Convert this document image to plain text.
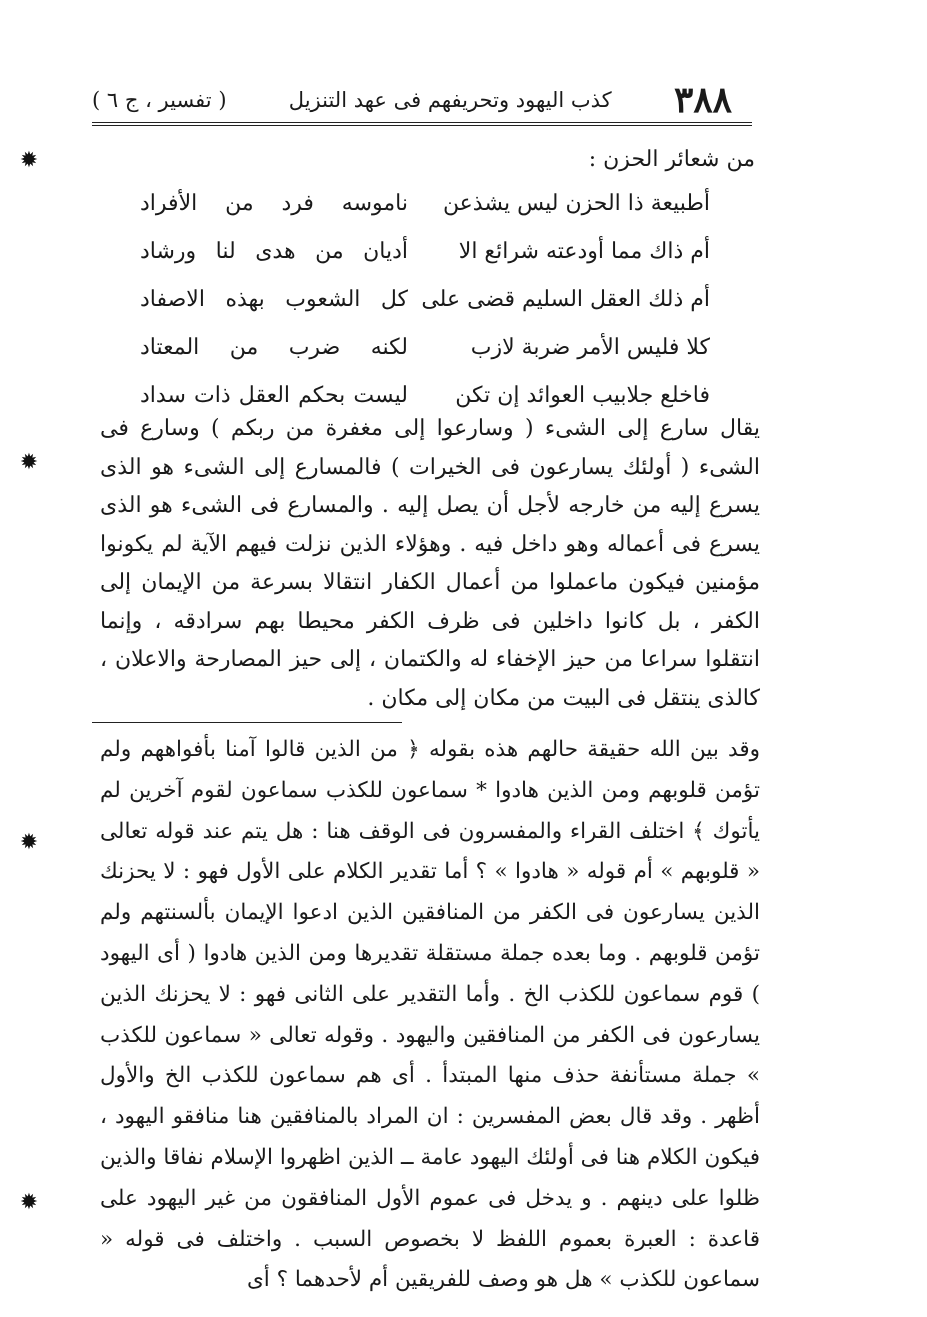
٣٨٨
كذب اليهود وتحريفهم فى عهد التنزيل
( تفسير ، ج ٦ )
من شعائر الحزن :
أطبيعة ذا الحزن ليس يشذعن
ناموسه فرد من الأفراد
أم ذاك مما أودعته شرائع الا
أديان من هدى لنا ورشاد
أم ذلك العقل السليم قضى على
كل الشعوب بهذه الاصفاد
كلا فليس الأمر ضربة لازب
لكنه ضرب من المعتاد
فاخلع جلابيب العوائد إن تكن
ليست بحكم العقل ذات سداد

يقال سارع إلى الشىء ( وسارعوا إلى مغفرة من ربكم ) وسارع فى الشىء ( أولئك يسارعون فى الخيرات ) فالمسارع إلى الشىء هو الذى يسرع إليه من خارجه لأجل أن يصل إليه . والمسارع فى الشىء هو الذى يسرع فى أعماله وهو داخل فيه . وهؤلاء الذين نزلت فيهم الآية لم يكونوا مؤمنين فيكون ماعملوا من أعمال الكفار انتقالا بسرعة من الإيمان إلى الكفر ، بل كانوا داخلين فى ظرف الكفر محيطا بهم سرادقه ، وإنما انتقلوا سراعا من حيز الإخفاء له والكتمان ، إلى حيز المصارحة والاعلان ، كالذى ينتقل فى البيت من مكان إلى مكان .

وقد بين الله حقيقة حالهم هذه بقوله ﴿ من الذين قالوا آمنا بأفواههم ولم تؤمن قلوبهم ومن الذين هادوا * سماعون للكذب سماعون لقوم آخرين لم يأتوك ﴾ اختلف القراء والمفسرون فى الوقف هنا : هل يتم عند قوله تعالى « قلوبهم » أم قوله « هادوا » ؟ أما تقدير الكلام على الأول فهو : لا يحزنك الذين يسارعون فى الكفر من المنافقين الذين ادعوا الإيمان بألسنتهم ولم تؤمن قلوبهم . وما بعده جملة مستقلة تقديرها ومن الذين هادوا ( أى اليهود ) قوم سماعون للكذب الخ . وأما التقدير على الثانى فهو : لا يحزنك الذين يسارعون فى الكفر من المنافقين واليهود . وقوله تعالى « سماعون للكذب » جملة مستأنفة حذف منها المبتدأ . أى هم سماعون للكذب الخ والأول أظهر . وقد قال بعض المفسرين : ان المراد بالمنافقين هنا منافقو اليهود ، فيكون الكلام هنا فى أولئك اليهود عامة ــ الذين اظهروا الإسلام نفاقا والذين ظلوا على دينهم . و يدخل فى عموم الأول المنافقون من غير اليهود على قاعدة : العبرة بعموم اللفظ لا بخصوص السبب . واختلف فى قوله « سماعون للكذب » هل هو وصف للفريقين أم لأحدهما ؟ أى

✹
✹
✹
✹
